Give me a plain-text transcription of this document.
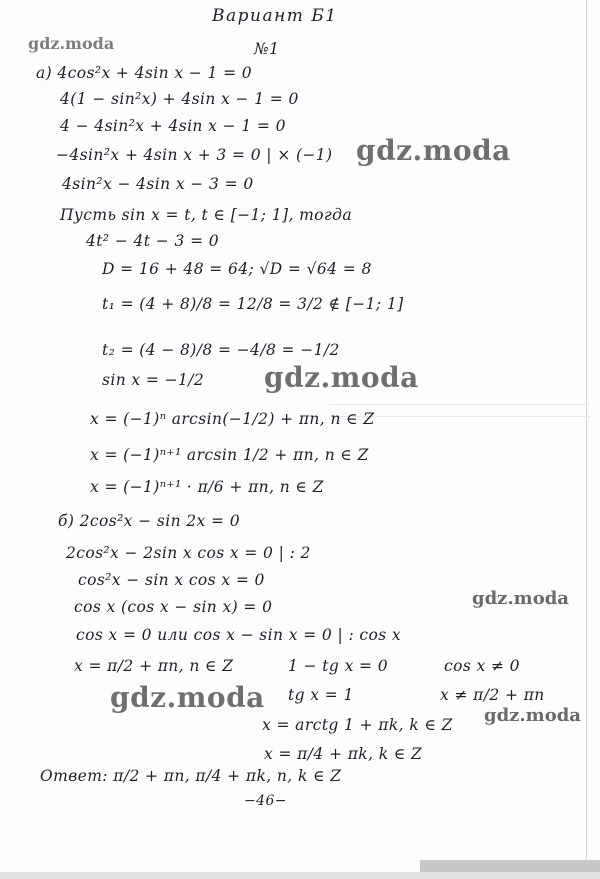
Вариант Б1
№1
gdz.moda
gdz.moda
gdz.moda
gdz.moda
gdz.moda
gdz.moda
а) 4cos²x + 4sin x − 1 = 0
4(1 − sin²x) + 4sin x − 1 = 0
4 − 4sin²x + 4sin x − 1 = 0
−4sin²x + 4sin x + 3 = 0 | × (−1)
4sin²x − 4sin x − 3 = 0
Пусть sin x = t, t ∈ [−1; 1], тогда
4t² − 4t − 3 = 0
D = 16 + 48 = 64; √D = √64 = 8
t₁ = (4 + 8)/8 = 12/8 = 3/2 ∉ [−1; 1]
t₂ = (4 − 8)/8 = −4/8 = −1/2
sin x = −1/2
x = (−1)ⁿ arcsin(−1/2) + πn, n ∈ Z
x = (−1)ⁿ⁺¹ arcsin 1/2 + πn, n ∈ Z
x = (−1)ⁿ⁺¹ · π/6 + πn, n ∈ Z
б) 2cos²x − sin 2x = 0
2cos²x − 2sin x cos x = 0 | : 2
cos²x − sin x cos x = 0
cos x (cos x − sin x) = 0
cos x = 0 или cos x − sin x = 0 | : cos x
x = π/2 + πn, n ∈ Z	1 − tg x = 0	cos x ≠ 0
tg x = 1	x ≠ π/2 + πn
x = arctg 1 + πk, k ∈ Z
x = π/4 + πk, k ∈ Z
Ответ: π/2 + πn, π/4 + πk, n, k ∈ Z
−46−
